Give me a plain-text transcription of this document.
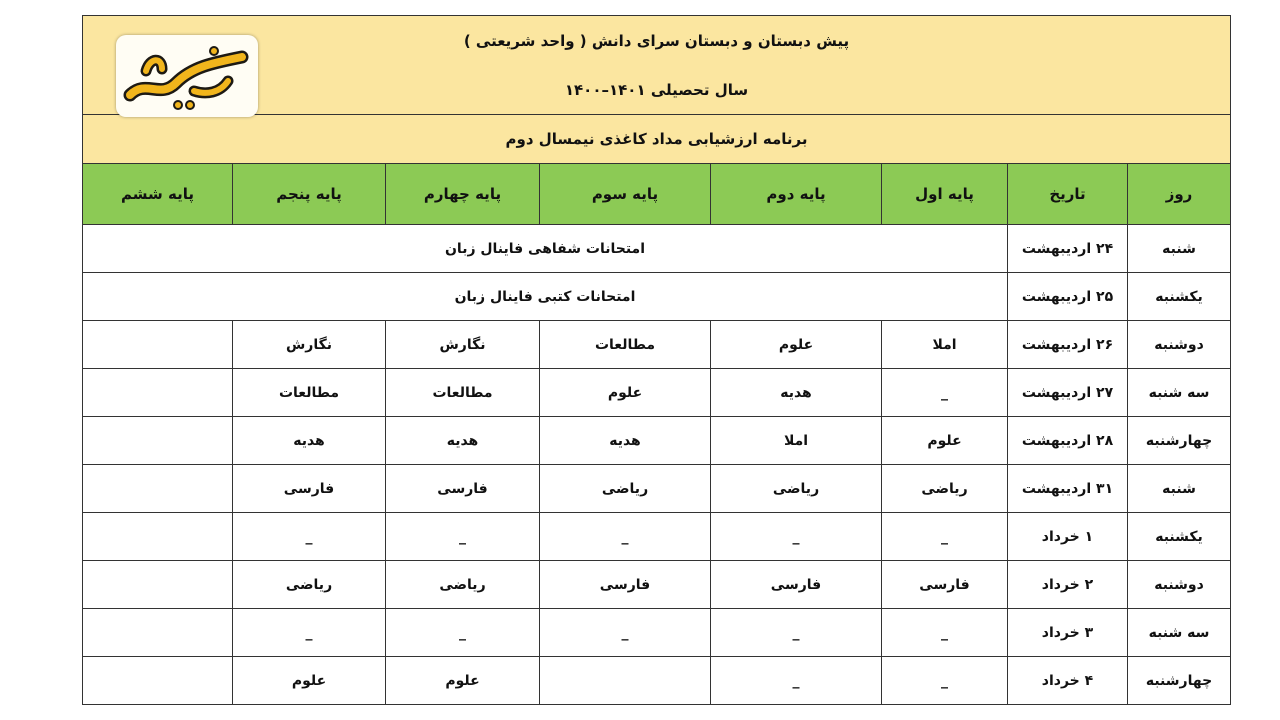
پیش دبستان و دبستان سرای دانش ( واحد شریعتی )							
سال تحصیلی ۱۴۰۱–۱۴۰۰							
برنامه ارزشیابی مداد کاغذی نیمسال دوم							
روز	تاریخ	پایه اول	پایه دوم	پایه سوم	پایه چهارم	پایه پنجم	پایه ششم
شنبه	۲۴ اردیبهشت	امتحانات شفاهی فاینال زبان					
یکشنبه	۲۵ اردیبهشت	امتحانات کتبی فاینال زبان					
دوشنبه	۲۶ اردیبهشت	املا	علوم	مطالعات	نگارش	نگارش	
سه شنبه	۲۷ اردیبهشت	_	هدیه	علوم	مطالعات	مطالعات	
چهارشنبه	۲۸ اردیبهشت	علوم	املا	هدیه	هدیه	هدیه	
شنبه	۳۱ اردیبهشت	ریاضی	ریاضی	ریاضی	فارسی	فارسی	
یکشنبه	۱ خرداد	_	_	_	_	_	
دوشنبه	۲ خرداد	فارسی	فارسی	فارسی	ریاضی	ریاضی	
سه شنبه	۳ خرداد	_	_	_	_	_	
چهارشنبه	۴ خرداد	_	_		علوم	علوم	
